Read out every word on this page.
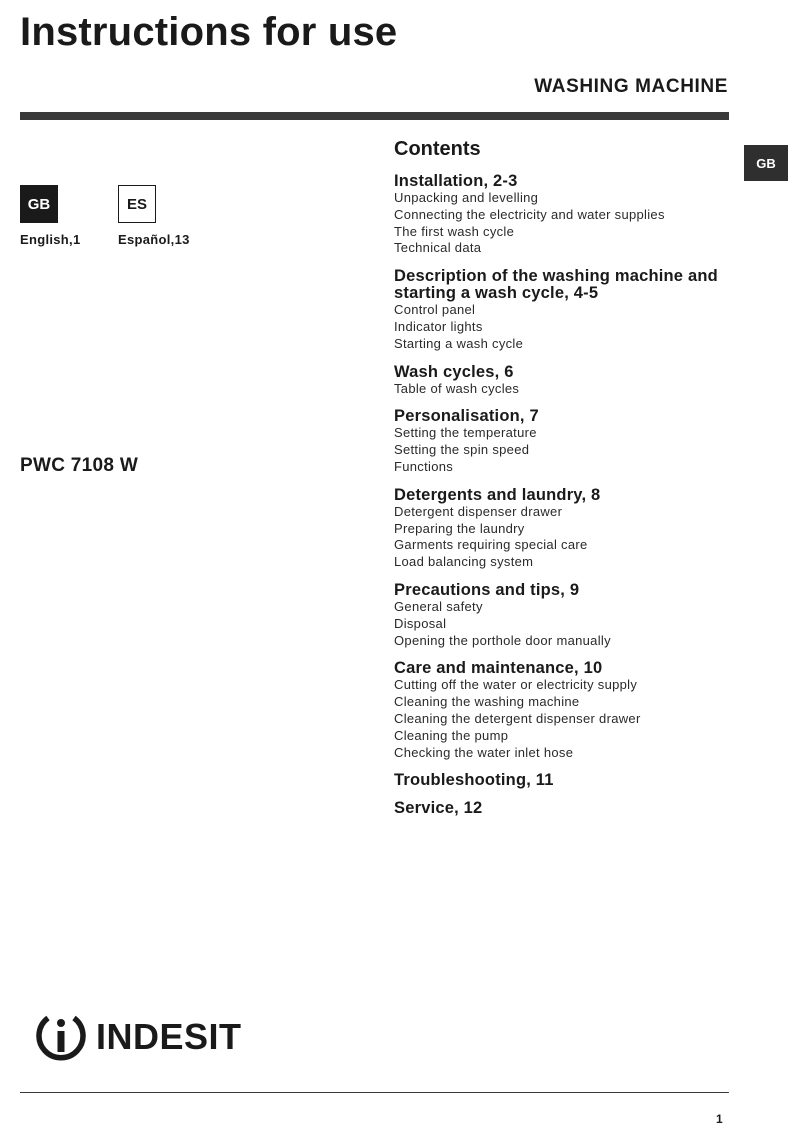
Instructions for use
WASHING MACHINE
GB
GB
English,1
ES
Español,13
PWC 7108 W
Contents
Installation, 2-3
Unpacking and levelling
Connecting the electricity and water supplies
The first wash cycle
Technical data
Description of the washing machine and starting a wash cycle, 4-5
Control panel
Indicator lights
Starting a wash cycle
Wash cycles, 6
Table of wash cycles
Personalisation, 7
Setting the temperature
Setting the spin speed
Functions
Detergents and laundry, 8
Detergent dispenser drawer
Preparing the laundry
Garments requiring special care
Load balancing system
Precautions and tips, 9
General safety
Disposal
Opening the porthole door manually
Care and maintenance, 10
Cutting off the water or electricity supply
Cleaning the washing machine
Cleaning the detergent dispenser drawer
Cleaning the pump
Checking the water inlet hose
Troubleshooting, 11
Service, 12
INDESIT
1
